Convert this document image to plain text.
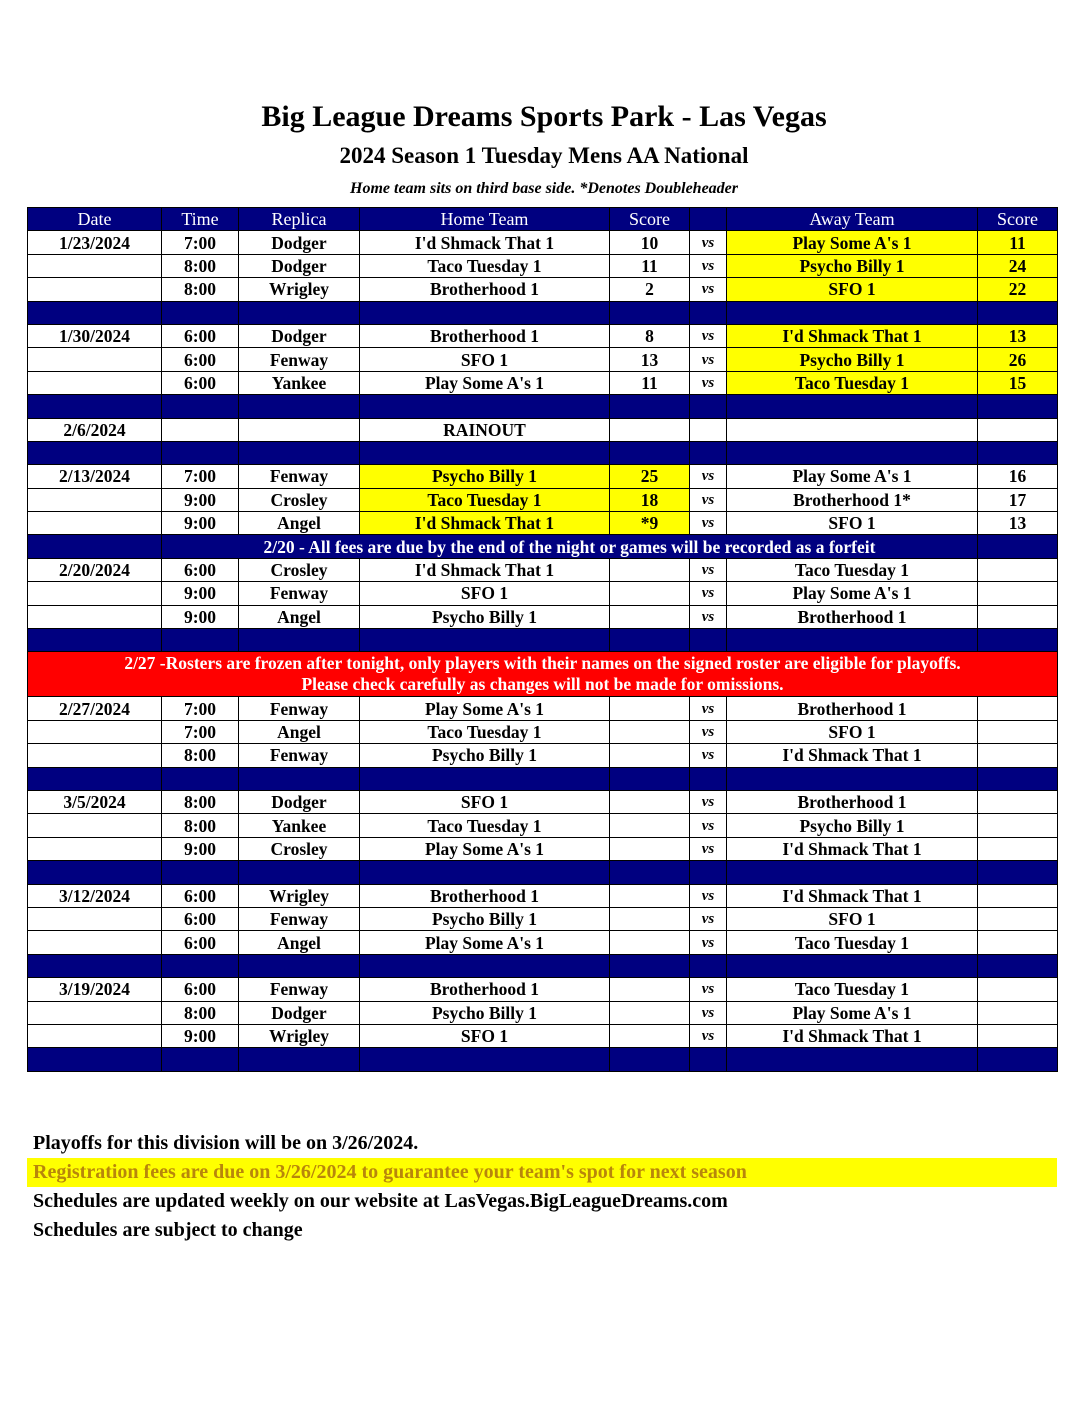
Big League Dreams Sports Park - Las Vegas
2024 Season 1 Tuesday Mens AA National
Home team sits on third base side. *Denotes Doubleheader
Date	Time	Replica	Home Team	Score		Away Team	Score
1/23/2024	7:00	Dodger	I'd Shmack That 1	10	vs	Play Some A's 1	11
	8:00	Dodger	Taco Tuesday 1	11	vs	Psycho Billy 1	24
	8:00	Wrigley	Brotherhood 1	2	vs	SFO 1	22

1/30/2024	6:00	Dodger	Brotherhood 1	8	vs	I'd Shmack That 1	13
	6:00	Fenway	SFO 1	13	vs	Psycho Billy 1	26
	6:00	Yankee	Play Some A's 1	11	vs	Taco Tuesday 1	15

2/6/2024			RAINOUT				

2/13/2024	7:00	Fenway	Psycho Billy 1	25	vs	Play Some A's 1	16
	9:00	Crosley	Taco Tuesday 1	18	vs	Brotherhood 1*	17
	9:00	Angel	I'd Shmack That 1	*9	vs	SFO 1	13
	2/20 - All fees are due by the end of the night or games will be recorded as a forfeit						
2/20/2024	6:00	Crosley	I'd Shmack That 1		vs	Taco Tuesday 1	
	9:00	Fenway	SFO 1		vs	Play Some A's 1	
	9:00	Angel	Psycho Billy 1		vs	Brotherhood 1	

2/27 -Rosters are frozen after tonight, only players with their names on the signed roster are eligible for playoffs.
Please check carefully as changes will not be made for omissions.							

2/27/2024	7:00	Fenway	Play Some A's 1		vs	Brotherhood 1	
	7:00	Angel	Taco Tuesday 1		vs	SFO 1	
	8:00	Fenway	Psycho Billy 1		vs	I'd Shmack That 1	

3/5/2024	8:00	Dodger	SFO 1		vs	Brotherhood 1	
	8:00	Yankee	Taco Tuesday 1		vs	Psycho Billy 1	
	9:00	Crosley	Play Some A's 1		vs	I'd Shmack That 1	

3/12/2024	6:00	Wrigley	Brotherhood 1		vs	I'd Shmack That 1	
	6:00	Fenway	Psycho Billy 1		vs	SFO 1	
	6:00	Angel	Play Some A's 1		vs	Taco Tuesday 1	

3/19/2024	6:00	Fenway	Brotherhood 1		vs	Taco Tuesday 1	
	8:00	Dodger	Psycho Billy 1		vs	Play Some A's 1	
	9:00	Wrigley	SFO 1		vs	I'd Shmack That 1	

Playoffs for this division will be on 3/26/2024.
Registration fees are due on 3/26/2024 to guarantee your team's spot for next season
Schedules are updated weekly on our website at LasVegas.BigLeagueDreams.com
Schedules are subject to change
